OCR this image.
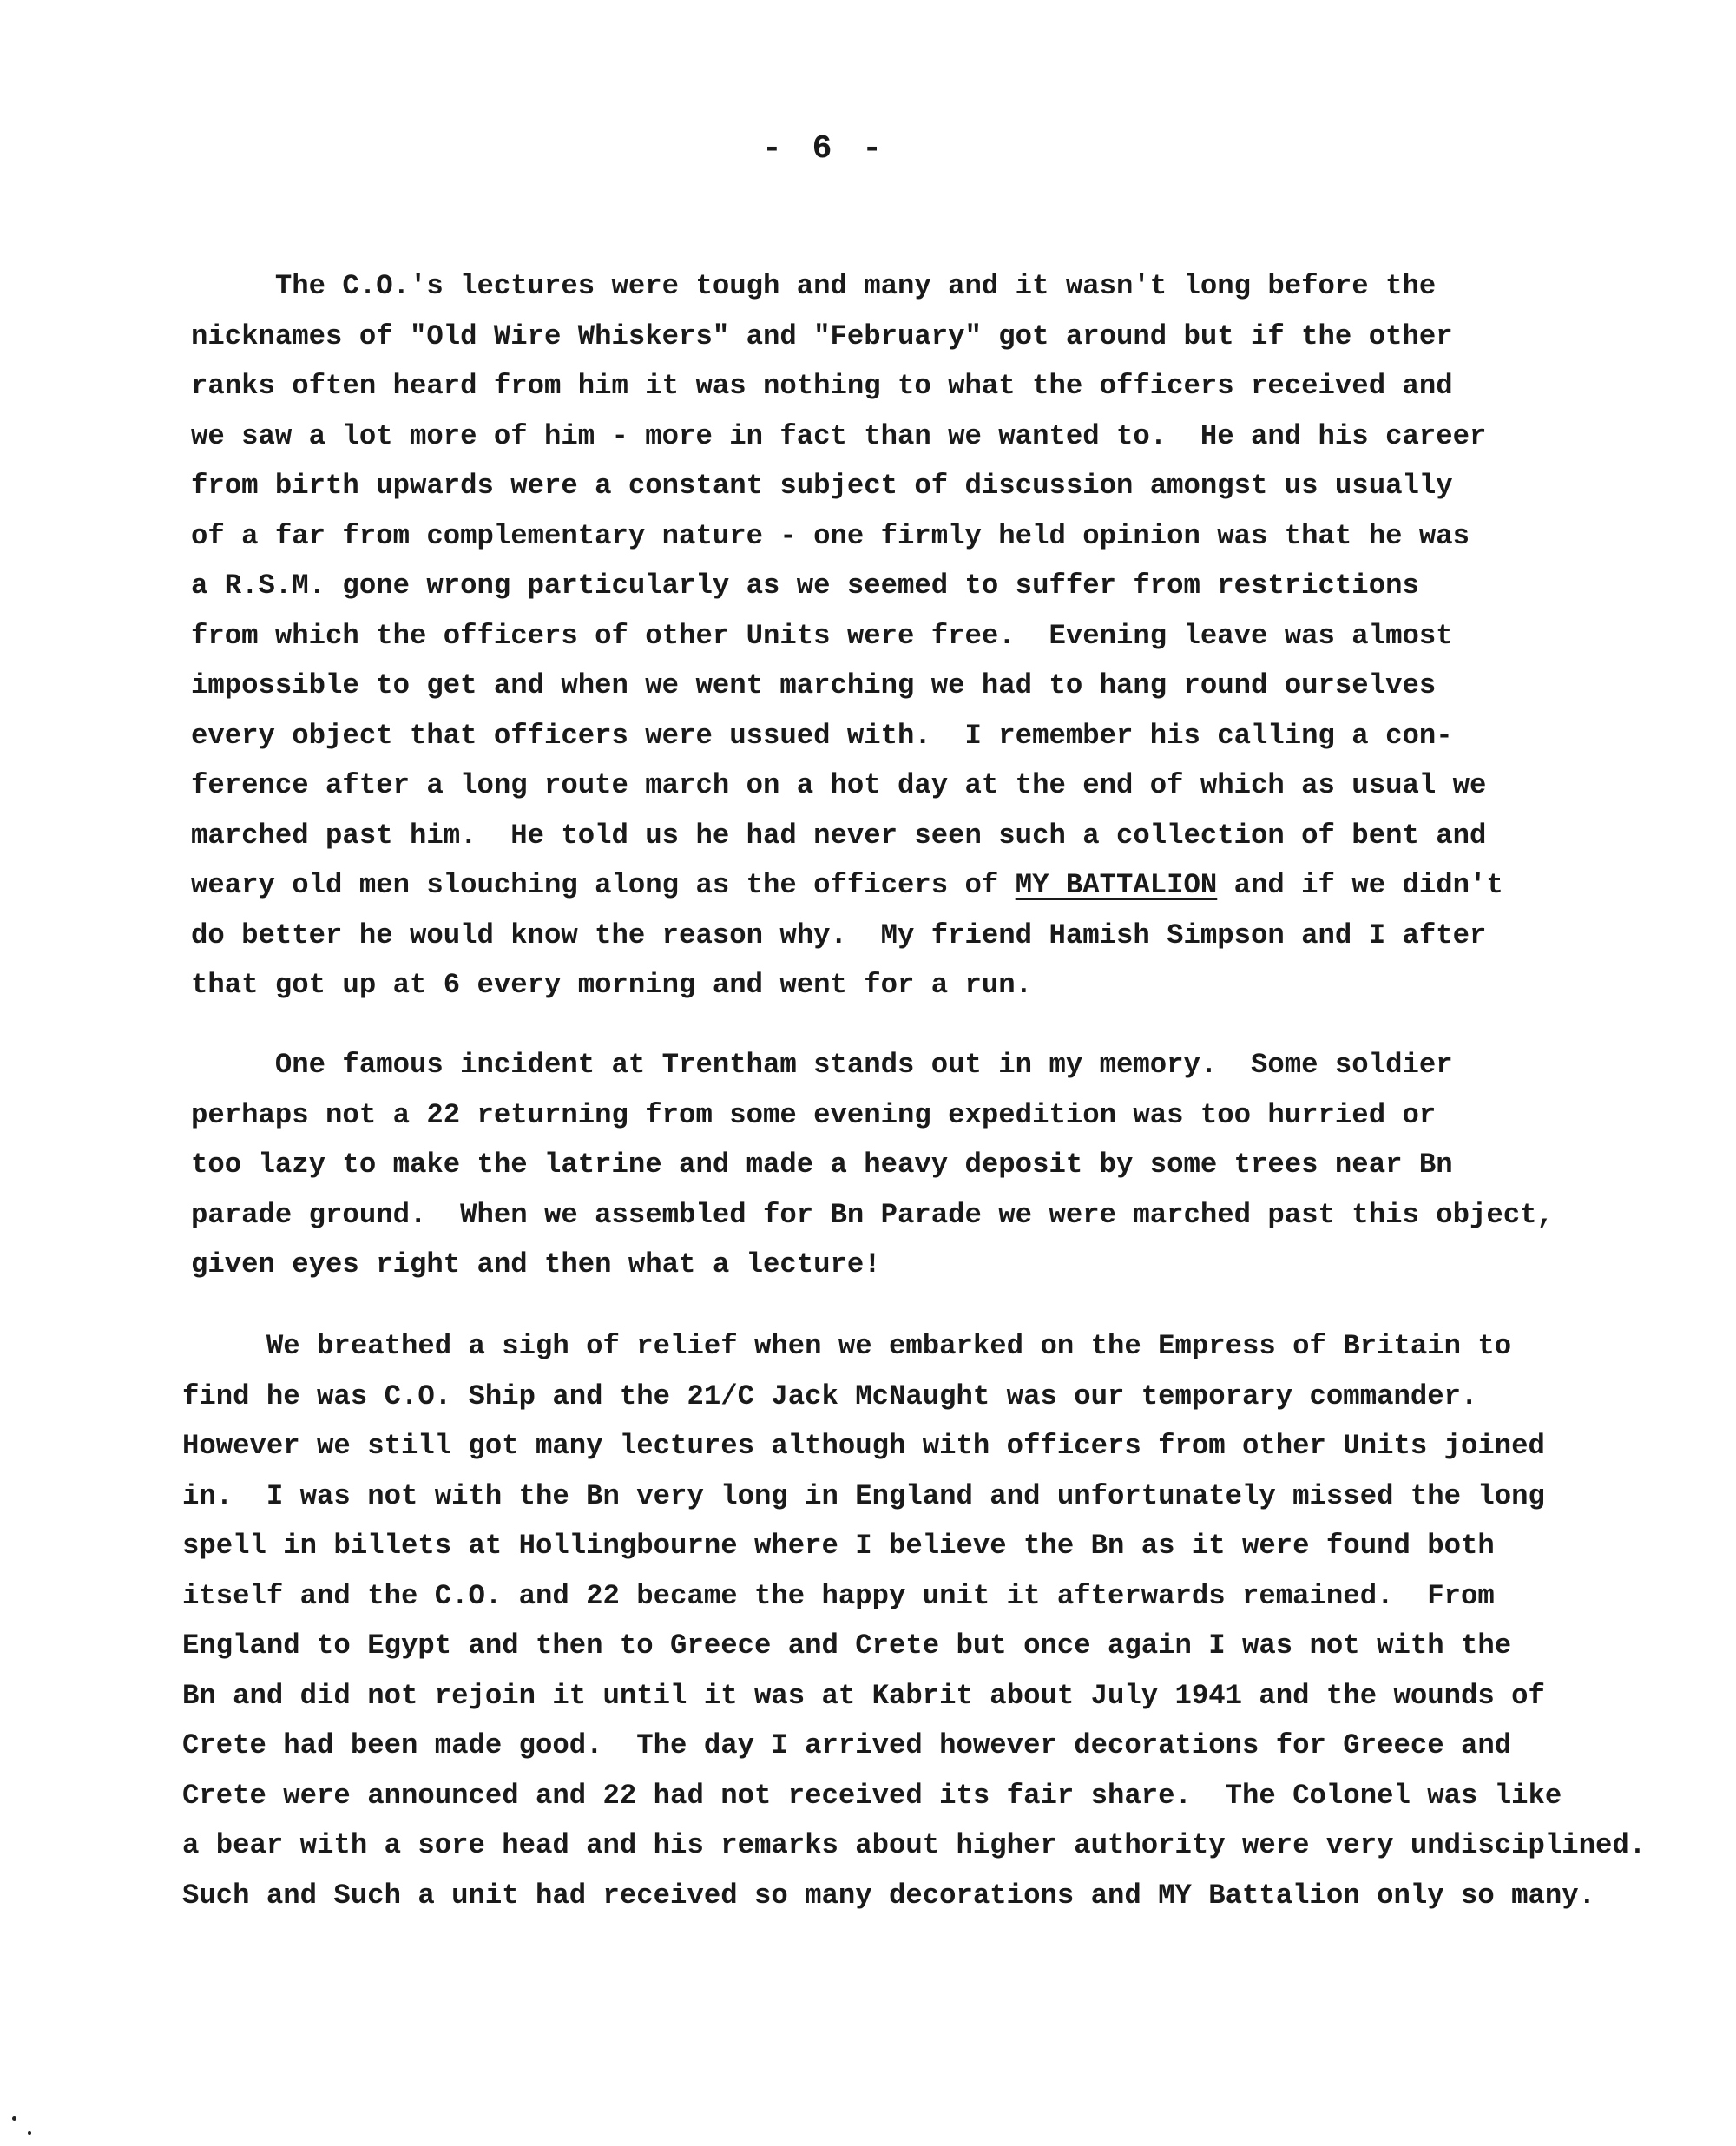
- 6 -
The C.O.'s lectures were tough and many and it wasn't long before the
nicknames of "Old Wire Whiskers" and "February" got around but if the other
ranks often heard from him it was nothing to what the officers received and
we saw a lot more of him - more in fact than we wanted to.  He and his career
from birth upwards were a constant subject of discussion amongst us usually
of a far from complementary nature - one firmly held opinion was that he was
a R.S.M. gone wrong particularly as we seemed to suffer from restrictions
from which the officers of other Units were free.  Evening leave was almost
impossible to get and when we went marching we had to hang round ourselves
every object that officers were ussued with.  I remember his calling a con-
ference after a long route march on a hot day at the end of which as usual we
marched past him.  He told us he had never seen such a collection of bent and
weary old men slouching along as the officers of MY BATTALION and if we didn't
do better he would know the reason why.  My friend Hamish Simpson and I after
that got up at 6 every morning and went for a run.
One famous incident at Trentham stands out in my memory.  Some soldier
perhaps not a 22 returning from some evening expedition was too hurried or
too lazy to make the latrine and made a heavy deposit by some trees near Bn
parade ground.  When we assembled for Bn Parade we were marched past this object,
given eyes right and then what a lecture!
We breathed a sigh of relief when we embarked on the Empress of Britain to
find he was C.O. Ship and the 21/C Jack McNaught was our temporary commander.
However we still got many lectures although with officers from other Units joined
in.  I was not with the Bn very long in England and unfortunately missed the long
spell in billets at Hollingbourne where I believe the Bn as it were found both
itself and the C.O. and 22 became the happy unit it afterwards remained.  From
England to Egypt and then to Greece and Crete but once again I was not with the
Bn and did not rejoin it until it was at Kabrit about July 1941 and the wounds of
Crete had been made good.  The day I arrived however decorations for Greece and
Crete were announced and 22 had not received its fair share.  The Colonel was like
a bear with a sore head and his remarks about higher authority were very undisciplined.
Such and Such a unit had received so many decorations and MY Battalion only so many.
